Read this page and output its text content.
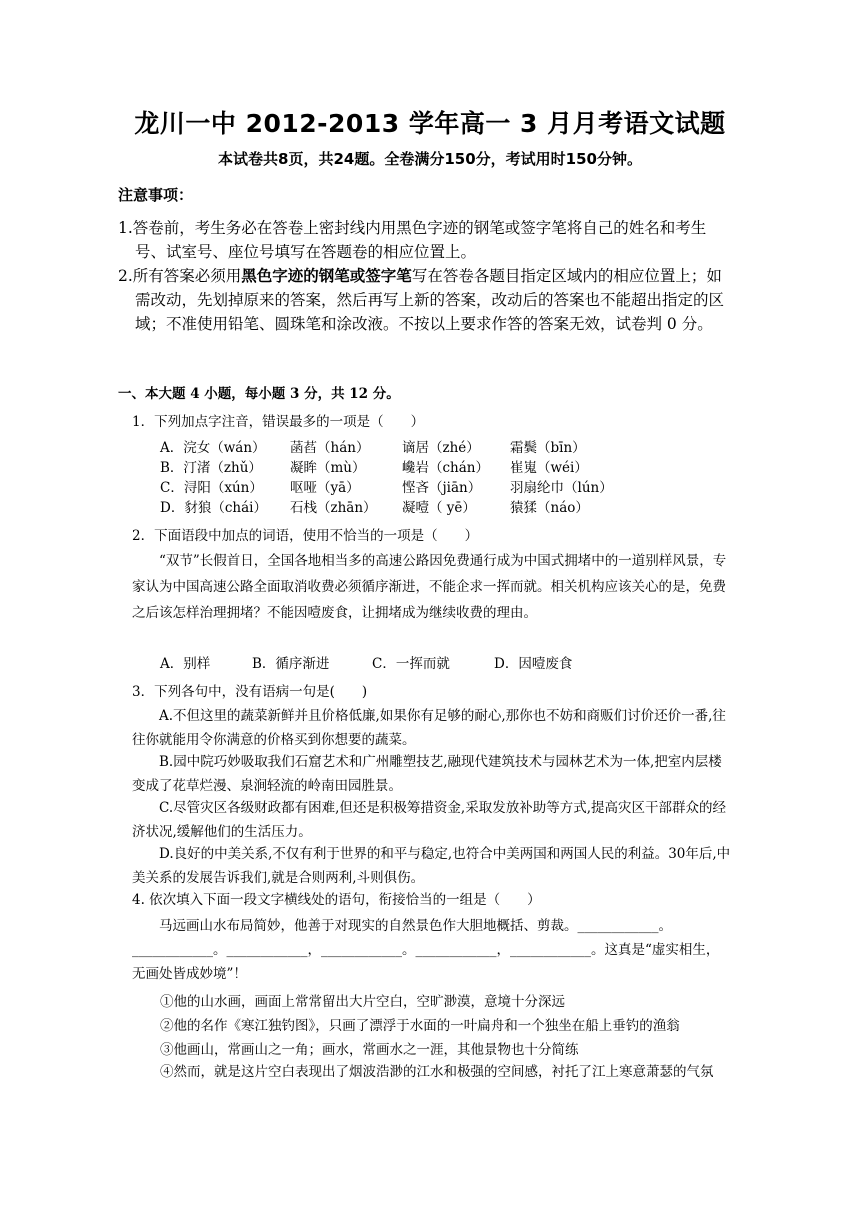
龙川一中 2012-2013 学年高一 3 月月考语文试题
本试卷共8页，共24题。全卷满分150分，考试用时150分钟。
注意事项：
1.答卷前，考生务必在答卷上密封线内用黑色字迹的钢笔或签字笔将自己的姓名和考生号、试室号、座位号填写在答题卷的相应位置上。
2.所有答案必须用黑色字迹的钢笔或签字笔写在答卷各题目指定区域内的相应位置上；如需改动，先划掉原来的答案，然后再写上新的答案，改动后的答案也不能超出指定的区域；不准使用铅笔、圆珠笔和涂改液。不按以上要求作答的答案无效，试卷判 0 分。
一、本大题 4 小题，每小题 3 分，共 12 分。
1．下列加点字注音，错误最多的一项是（　　）
A．浣女（wán） 菡萏（hán） 谪居（zhé） 霜鬓（bīn）
B．汀渚（zhǔ） 凝眸（mù）	巉岩（chán） 崔嵬（wéi）
C．浔阳（xún） 呕哑（yā）	悭吝（jiān） 羽扇纶巾（lún）
D．豺狼（chái） 石栈（zhān） 凝噎（ yē）	猿猱（náo）
2．下面语段中加点的词语，使用不恰当的一项是（　　）
“双节”长假首日，全国各地相当多的高速公路因免费通行成为中国式拥堵中的一道别样风景，专家认为中国高速公路全面取消收费必须循序渐进，不能企求一挥而就。相关机构应该关心的是，免费之后该怎样治理拥堵？不能因噎废食，让拥堵成为继续收费的理由。
A．别样	B．循序渐进	C．一挥而就	D．因噎废食
3．下列各句中，没有语病一句是(　　)
A.不但这里的蔬菜新鲜并且价格低廉,如果你有足够的耐心,那你也不妨和商贩们讨价还价一番,往往你就能用令你满意的价格买到你想要的蔬菜。
B.园中院巧妙吸取我们石窟艺术和广州雕塑技艺,融现代建筑技术与园林艺术为一体,把室内层楼变成了花草烂漫、泉涧轻流的岭南田园胜景。
C.尽管灾区各级财政都有困难,但还是积极筹措资金,采取发放补助等方式,提高灾区干部群众的经济状况,缓解他们的生活压力。
D.良好的中美关系,不仅有利于世界的和平与稳定,也符合中美两国和两国人民的利益。30年后,中美关系的发展告诉我们,就是合则两利,斗则俱伤。
4. 依次填入下面一段文字横线处的语句，衔接恰当的一组是（　　）
马远画山水布局简妙，他善于对现实的自然景色作大胆地概括、剪裁。____________。____________。____________，____________。____________，____________。这真是“虚实相生，无画处皆成妙境”！
①他的山水画，画面上常常留出大片空白，空旷渺漠，意境十分深远
②他的名作《寒江独钓图》，只画了漂浮于水面的一叶扁舟和一个独坐在船上垂钓的渔翁
③他画山，常画山之一角；画水，常画水之一涯，其他景物也十分简练
④然而，就是这片空白表现出了烟波浩渺的江水和极强的空间感，衬托了江上寒意萧瑟的气氛
